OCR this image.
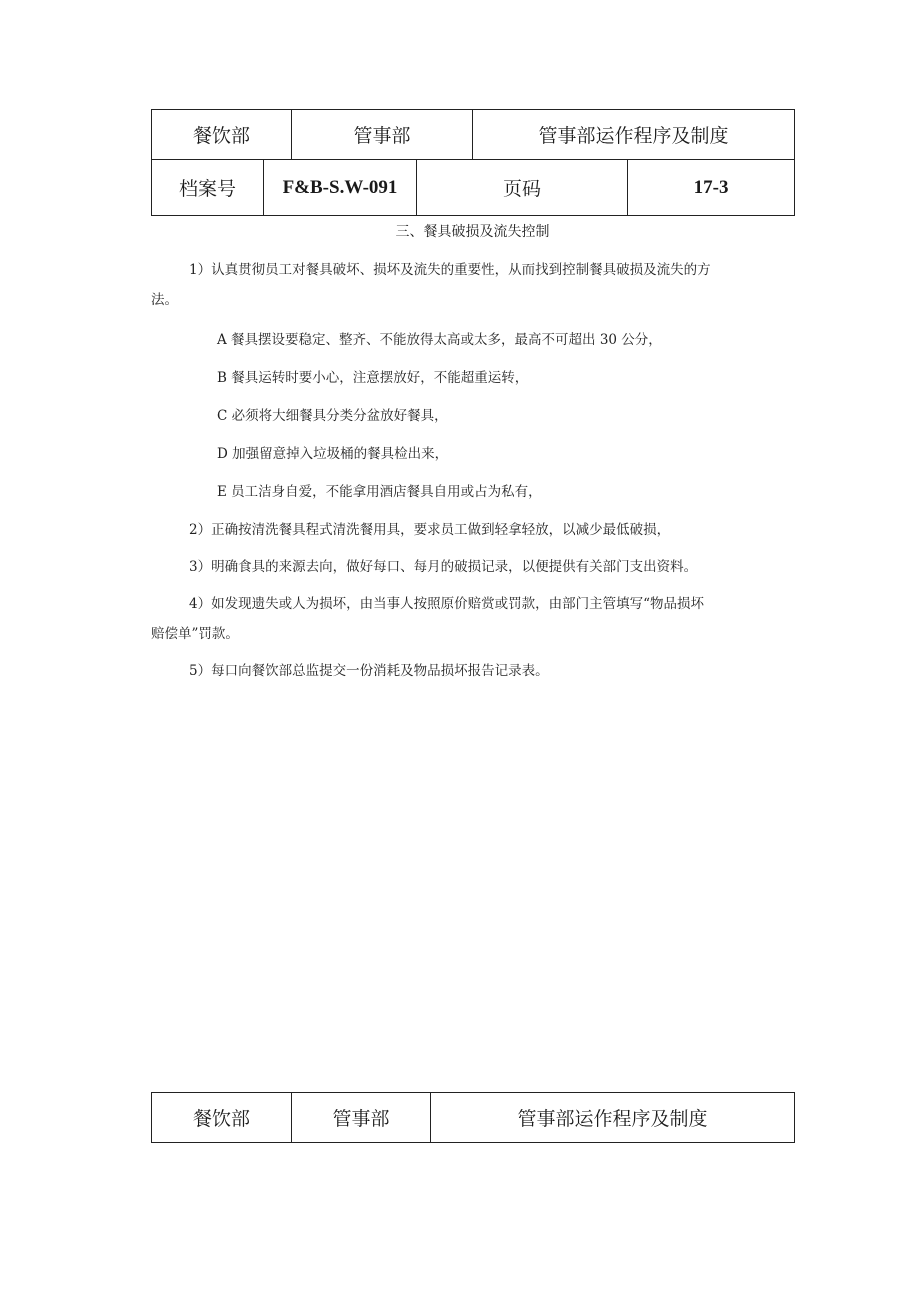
餐饮部		管事部		管事部运作程序及制度	
档案号	F&B-S.W-091		页码		17-3
三、餐具破损及流失控制

1）认真贯彻员工对餐具破坏、损坏及流失的重要性，从而找到控制餐具破损及流失的方

法。

A 餐具摆设要稳定、整齐、不能放得太高或太多，最高不可超出 30 公分，

B 餐具运转时要小心，注意摆放好，不能超重运转，

C 必须将大细餐具分类分盆放好餐具，

D 加强留意掉入垃圾桶的餐具检出来，

E 员工洁身自爱，不能拿用酒店餐具自用或占为私有，

2）正确按清洗餐具程式清洗餐用具，要求员工做到轻拿轻放，以减少最低破损，

3）明确食具的来源去向，做好每口、每月的破损记录，以便提供有关部门支出资料。

4）如发现遗失或人为损坏，由当事人按照原价赔赏或罚款，由部门主管填写“物品损坏

赔偿单”罚款。

5）每口向餐饮部总监提交一份消耗及物品损坏报告记录表。

餐饮部	管事部	管事部运作程序及制度
